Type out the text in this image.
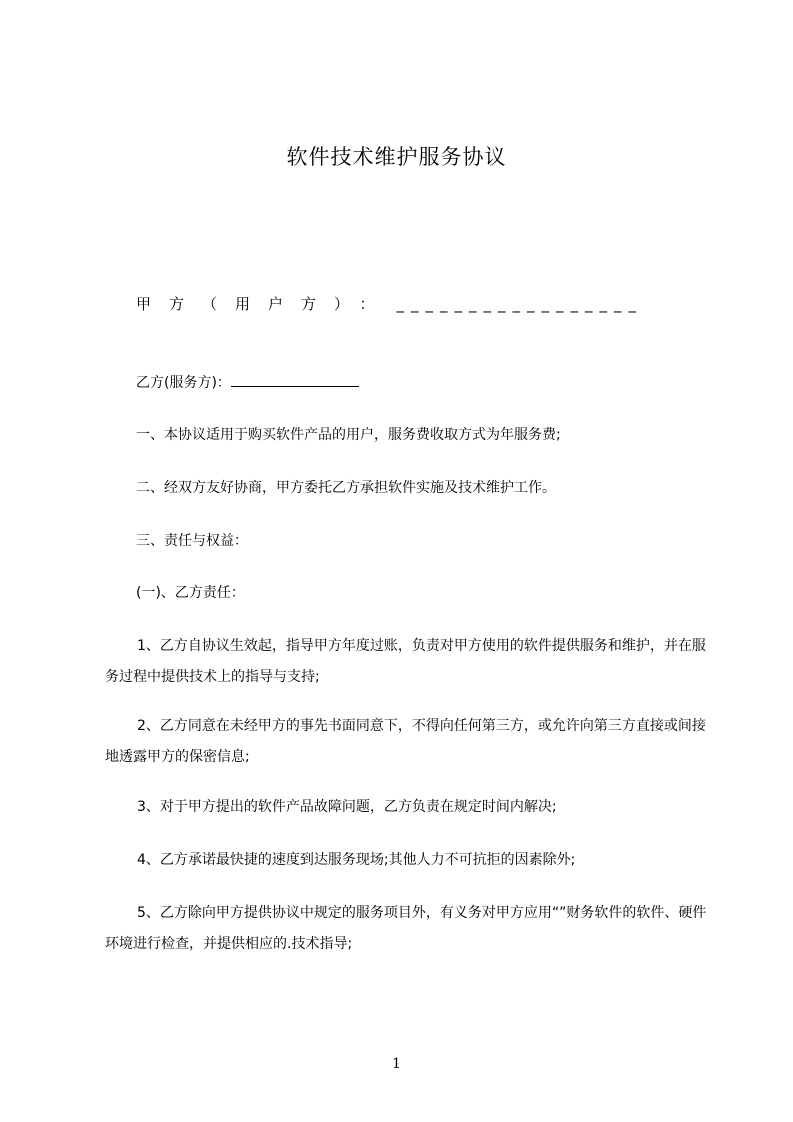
软件技术维护服务协议
甲方（用户方）： _________________
乙方(服务方)：
一、本协议适用于购买软件产品的用户，服务费收取方式为年服务费;
二、经双方友好协商，甲方委托乙方承担软件实施及技术维护工作。
三、责任与权益：
(一)、乙方责任：
1、乙方自协议生效起，指导甲方年度过账，负责对甲方使用的软件提供服务和维护，并在服务过程中提供技术上的指导与支持;
2、乙方同意在未经甲方的事先书面同意下，不得向任何第三方，或允许向第三方直接或间接地透露甲方的保密信息;
3、对于甲方提出的软件产品故障问题，乙方负责在规定时间内解决;
4、乙方承诺最快捷的速度到达服务现场;其他人力不可抗拒的因素除外;
5、乙方除向甲方提供协议中规定的服务项目外，有义务对甲方应用“”财务软件的软件、硬件环境进行检查，并提供相应的.技术指导;
1
